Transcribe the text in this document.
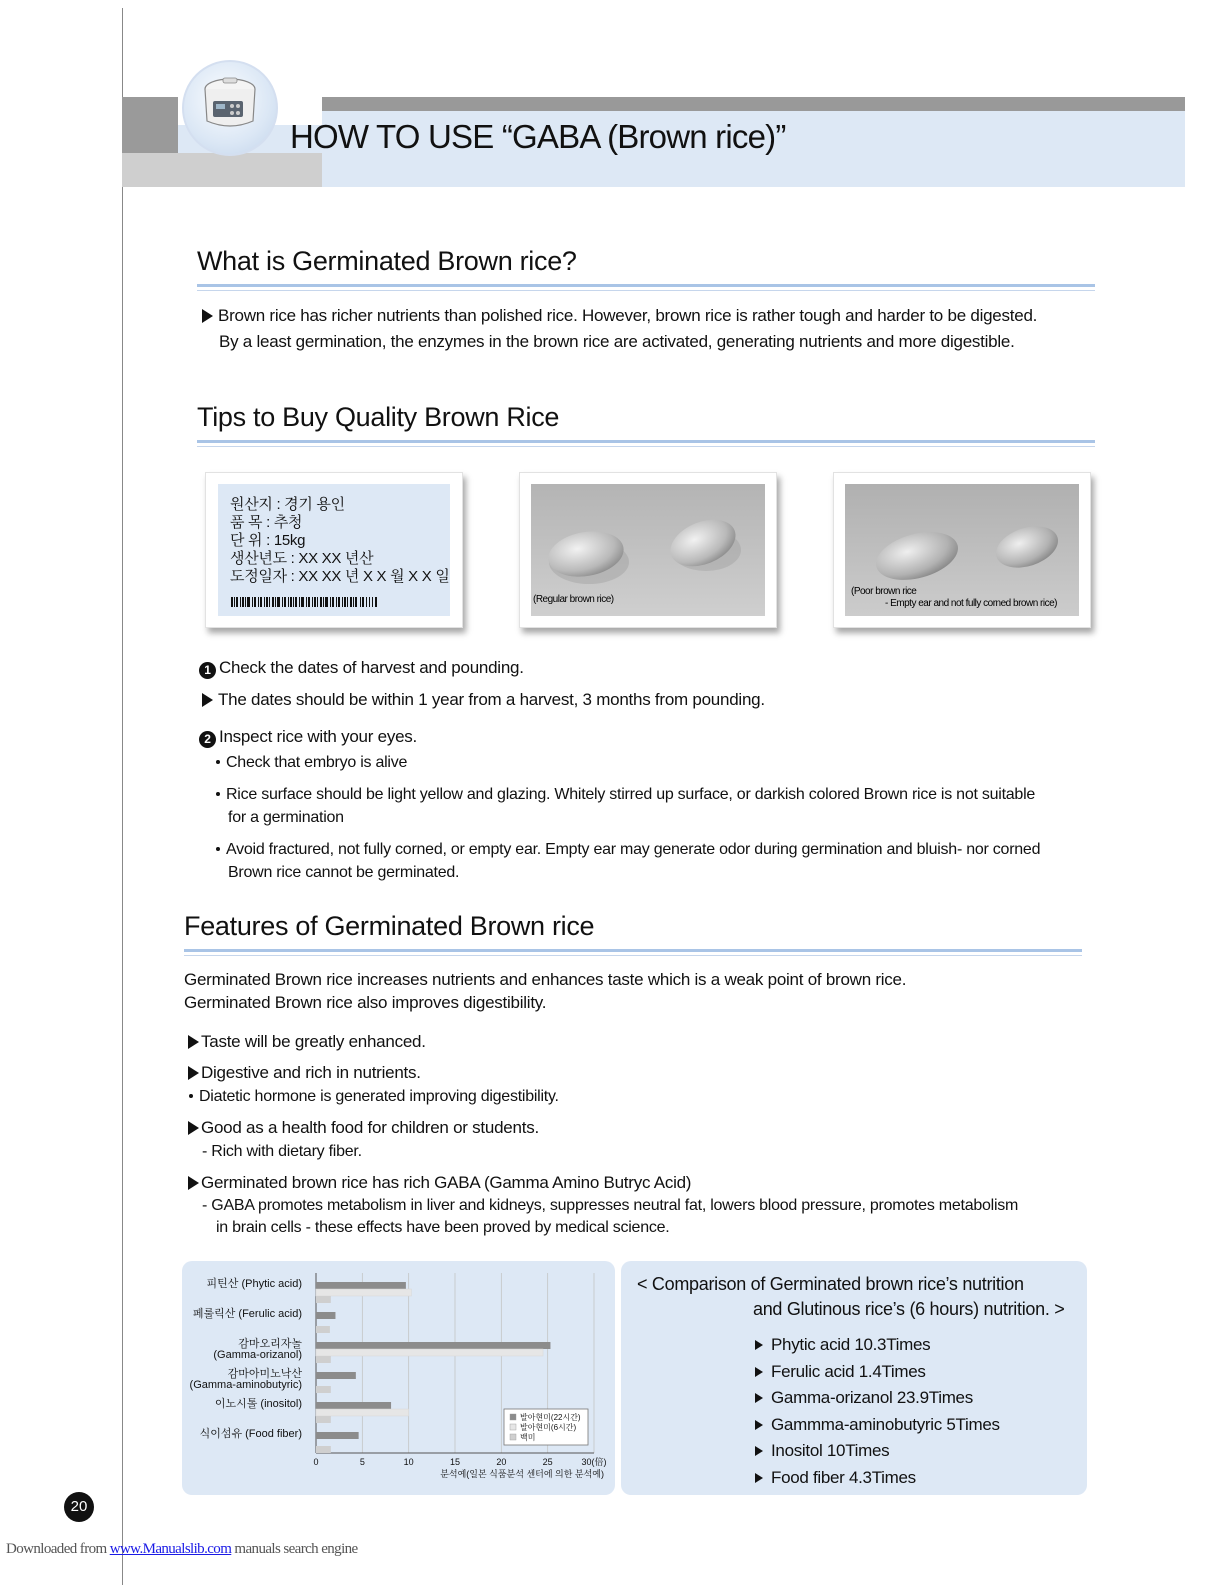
HOW TO USE “GABA (Brown rice)”
What is Germinated Brown rice?
Brown rice has richer nutrients than polished rice. However, brown rice is rather tough and harder to be digested.
By a least germination, the enzymes in the brown rice are activated, generating nutrients and more digestible.
Tips to Buy Quality Brown Rice
원산지 : 경기 용인
품 목 : 추청
단 위 : 15kg
생산년도 : XX XX 년산
도정일자 : XX XX 년 X X 월 X X 일
(Regular brown rice)
(Poor brown rice
- Empty ear and not fully corned brown rice)
1 Check the dates of harvest and pounding.
The dates should be within 1 year from a harvest, 3 months from pounding.
2 Inspect rice with your eyes.
Check that embryo is alive
Rice surface should be light yellow and glazing. Whitely stirred up surface, or darkish colored Brown rice is not suitable
for a germination
Avoid fractured, not fully corned, or empty ear. Empty ear may generate odor during germination and bluish- nor corned
Brown rice cannot be germinated.
Features of Germinated Brown rice
Germinated Brown rice increases nutrients and enhances taste which is a weak point of brown rice.
Germinated Brown rice also improves digestibility.
Taste will be greatly enhanced.
Digestive and rich in nutrients.
Diatetic hormone is generated improving digestibility.
Good as a health food for children or students.
- Rich with dietary fiber.
Germinated brown rice has rich GABA (Gamma Amino Butryc Acid)
- GABA promotes metabolism in liver and kidneys, suppresses neutral fat, lowers blood pressure, promotes metabolism
in brain cells - these effects have been proved by medical science.
0	5	10	15	20	25	30(倍)
분석예(일본 식품분석 센터에 의한 분석예)
피틴산 (Phytic acid)
페룰릭산 (Ferulic acid)
감마오리자놀
(Gamma-orizanol)
감마아미노낙산
(Gamma-aminobutyric)
이노시톨 (inositol)
식이섬유 (Food fiber)
발아현미(22시간)
발아현미(6시간)
백미
< Comparison of Germinated brown rice’s nutrition
and Glutinous rice’s (6 hours) nutrition. >
Phytic acid 10.3Times
Ferulic acid 1.4Times
Gamma-orizanol 23.9Times
Gammma-aminobutyric 5Times
Inositol 10Times
Food fiber 4.3Times
20
Downloaded from www.Manualslib.com manuals search engine
